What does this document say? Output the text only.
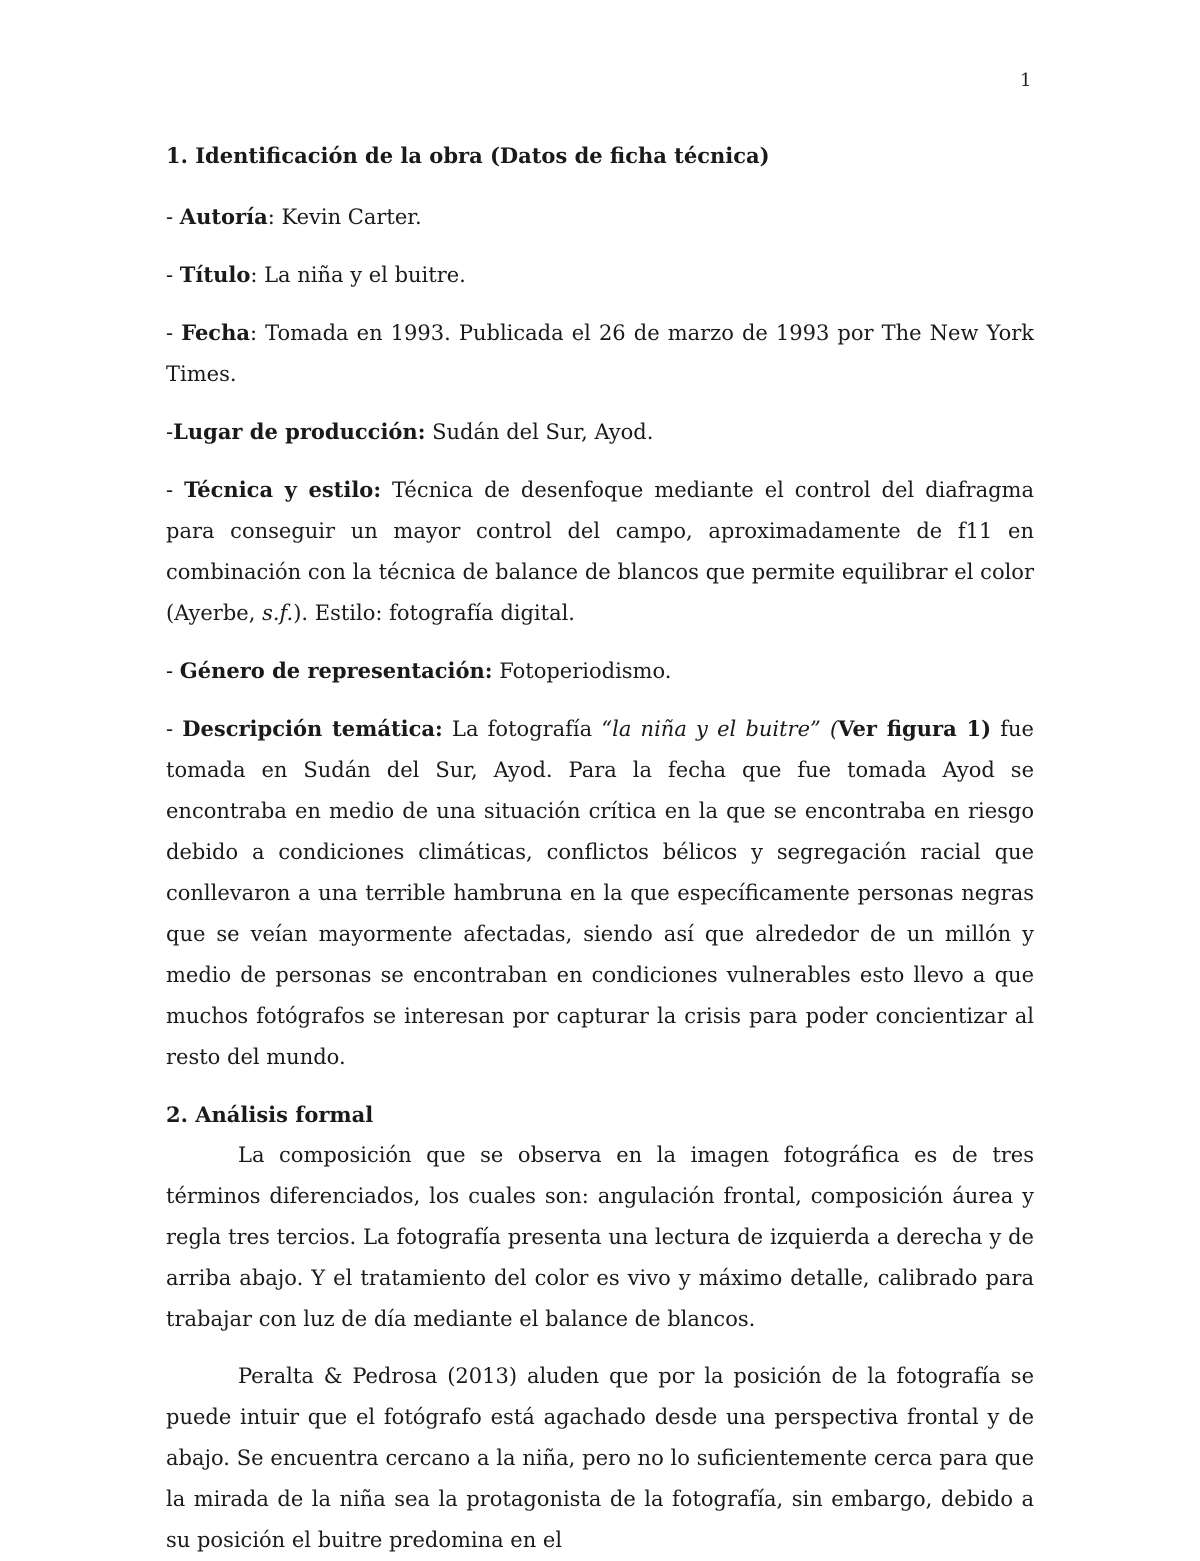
1

1. Identificación de la obra (Datos de ficha técnica)

- Autoría: Kevin Carter.

- Título: La niña y el buitre.

- Fecha: Tomada en 1993. Publicada el 26 de marzo de 1993 por The New York Times.

-Lugar de producción: Sudán del Sur, Ayod.

- Técnica y estilo: Técnica de desenfoque mediante el control del diafragma para conseguir un mayor control del campo, aproximadamente de f11 en combinación con la técnica de balance de blancos que permite equilibrar el color (Ayerbe, s.f.). Estilo: fotografía digital.

- Género de representación: Fotoperiodismo.

- Descripción temática: La fotografía “la niña y el buitre” (Ver figura 1) fue tomada en Sudán del Sur, Ayod. Para la fecha que fue tomada Ayod se encontraba en medio de una situación crítica en la que se encontraba en riesgo debido a condiciones climáticas, conflictos bélicos y segregación racial que conllevaron a una terrible hambruna en la que específicamente personas negras que se veían mayormente afectadas, siendo así que alrededor de un millón y medio de personas se encontraban en condiciones vulnerables esto llevo a que muchos fotógrafos se interesan por capturar la crisis para poder concientizar al resto del mundo.

2. Análisis formal

La composición que se observa en la imagen fotográfica es de tres términos diferenciados, los cuales son: angulación frontal, composición áurea y regla tres tercios. La fotografía presenta una lectura de izquierda a derecha y de arriba abajo. Y el tratamiento del color es vivo y máximo detalle, calibrado para trabajar con luz de día mediante el balance de blancos.

Peralta & Pedrosa (2013) aluden que por la posición de la fotografía se puede intuir que el fotógrafo está agachado desde una perspectiva frontal y de abajo. Se encuentra cercano a la niña, pero no lo suficientemente cerca para que la mirada de la niña sea la protagonista de la fotografía, sin embargo, debido a su posición el buitre predomina en el
